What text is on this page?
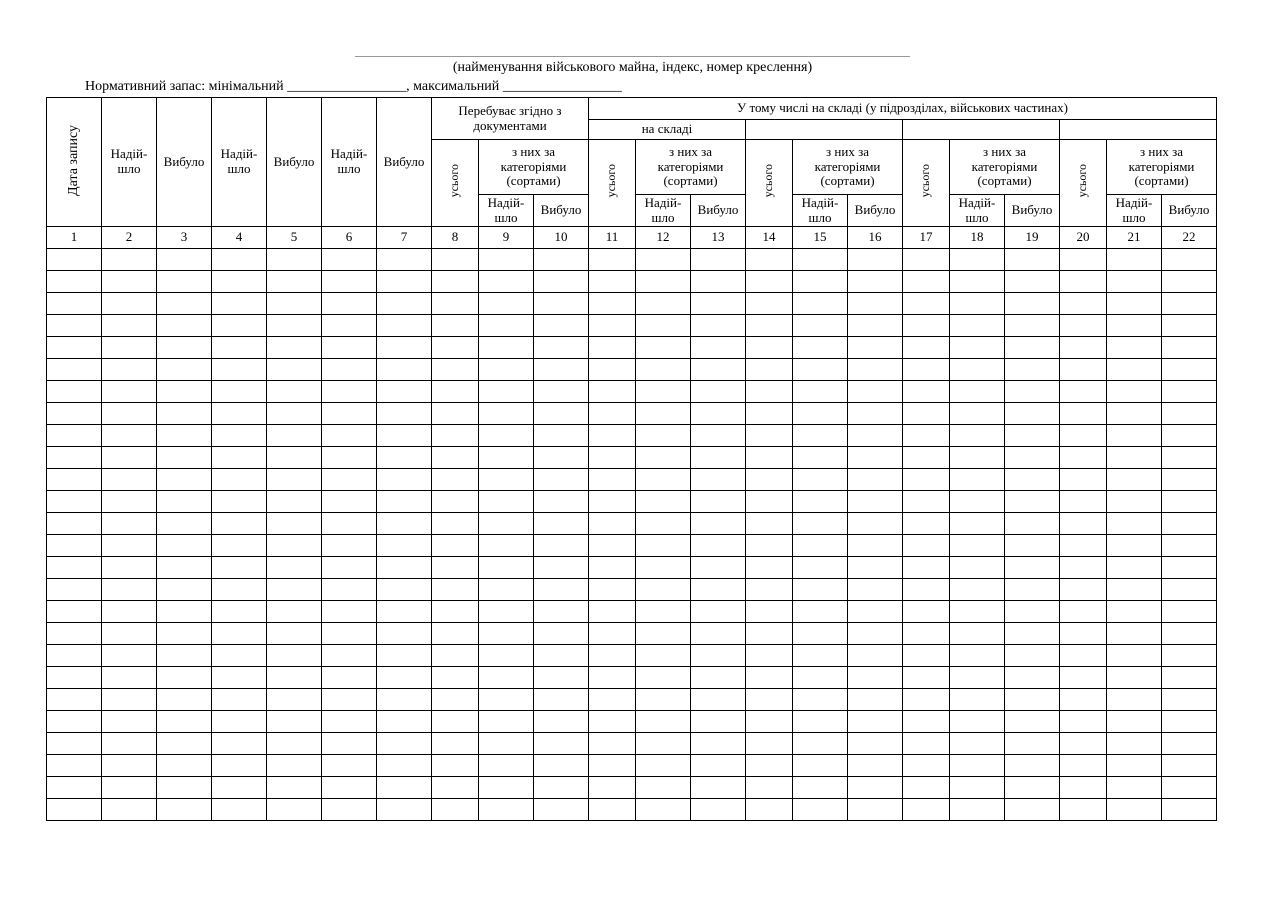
(найменування військового майна, індекс, номер креслення)
Нормативний запас: мінімальний _________________, максимальний _________________
Дата запису	Надій-шло	Вибуло	Надій-шло	Вибуло	Надій-шло	Вибуло	Перебуває згідно з документами			У тому числі на складі (у підрозділах, військових частинах)											
										на складі											
							усього	з них за категоріями (сортами)		усього	з них за категоріями (сортами)		усього	з них за категоріями (сортами)		усього	з них за категоріями (сортами)		усього	з них за категоріями (сортами)	
								Надій-шло	Вибуло		Надій-шло	Вибуло		Надій-шло	Вибуло		Надій-шло	Вибуло		Надій-шло	Вибуло

1	2	3	4	5	6	7	8	9	10	11	12	13	14	15	16	17	18	19	20	21	22
